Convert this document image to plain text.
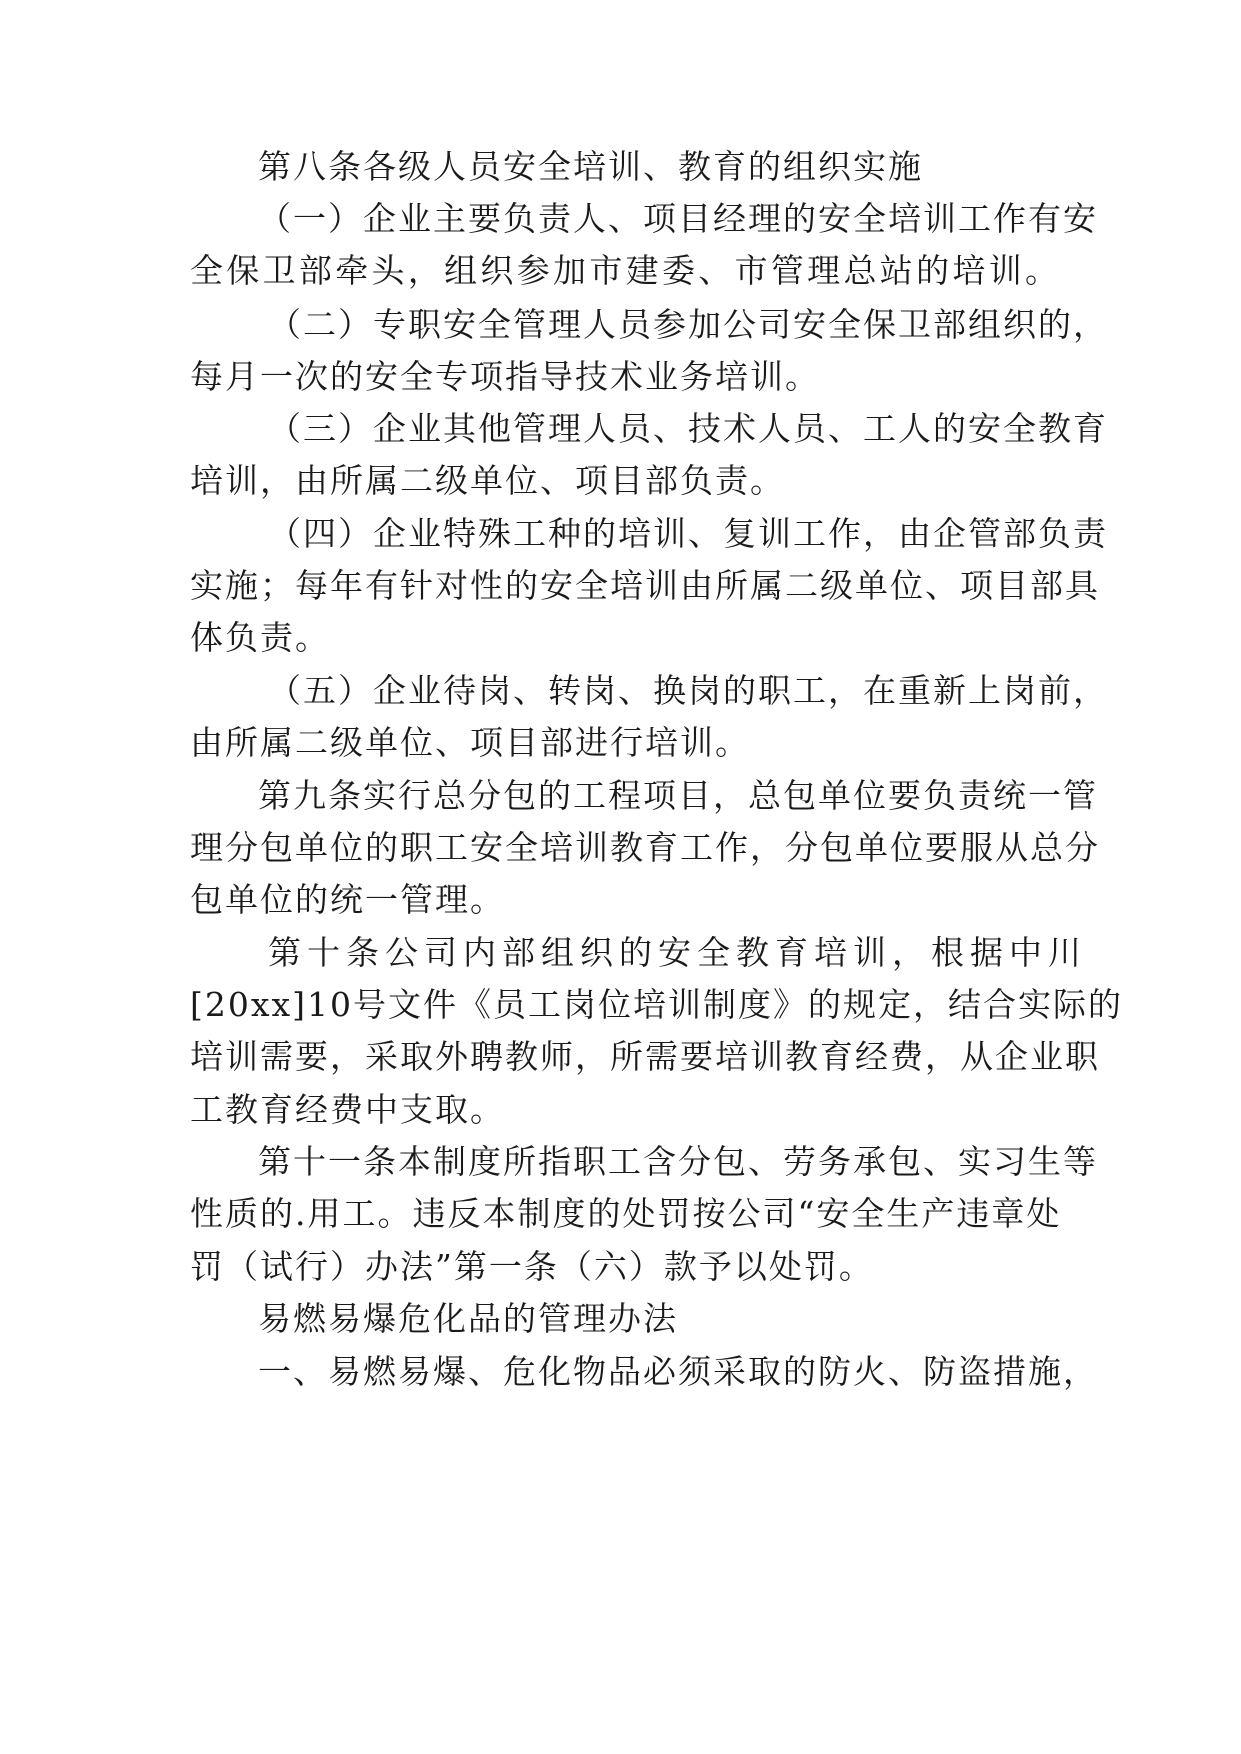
第八条各级人员安全培训、教育的组织实施
（一）企业主要负责人、项目经理的安全培训工作有安
全保卫部牵头，组织参加市建委、市管理总站的培训。
（二）专职安全管理人员参加公司安全保卫部组织的，
每月一次的安全专项指导技术业务培训。
（三）企业其他管理人员、技术人员、工人的安全教育
培训，由所属二级单位、项目部负责。
（四）企业特殊工种的培训、复训工作，由企管部负责
实施；每年有针对性的安全培训由所属二级单位、项目部具
体负责。
（五）企业待岗、转岗、换岗的职工，在重新上岗前，
由所属二级单位、项目部进行培训。
第九条实行总分包的工程项目，总包单位要负责统一管
理分包单位的职工安全培训教育工作，分包单位要服从总分
包单位的统一管理。
第十条公司内部组织的安全教育培训，根据中川
[20xx]10号文件《员工岗位培训制度》的规定，结合实际的
培训需要，采取外聘教师，所需要培训教育经费，从企业职
工教育经费中支取。
第十一条本制度所指职工含分包、劳务承包、实习生等
性质的.用工。违反本制度的处罚按公司“安全生产违章处
罚（试行）办法”第一条（六）款予以处罚。
易燃易爆危化品的管理办法
一、易燃易爆、危化物品必须采取的防火、防盗措施，
